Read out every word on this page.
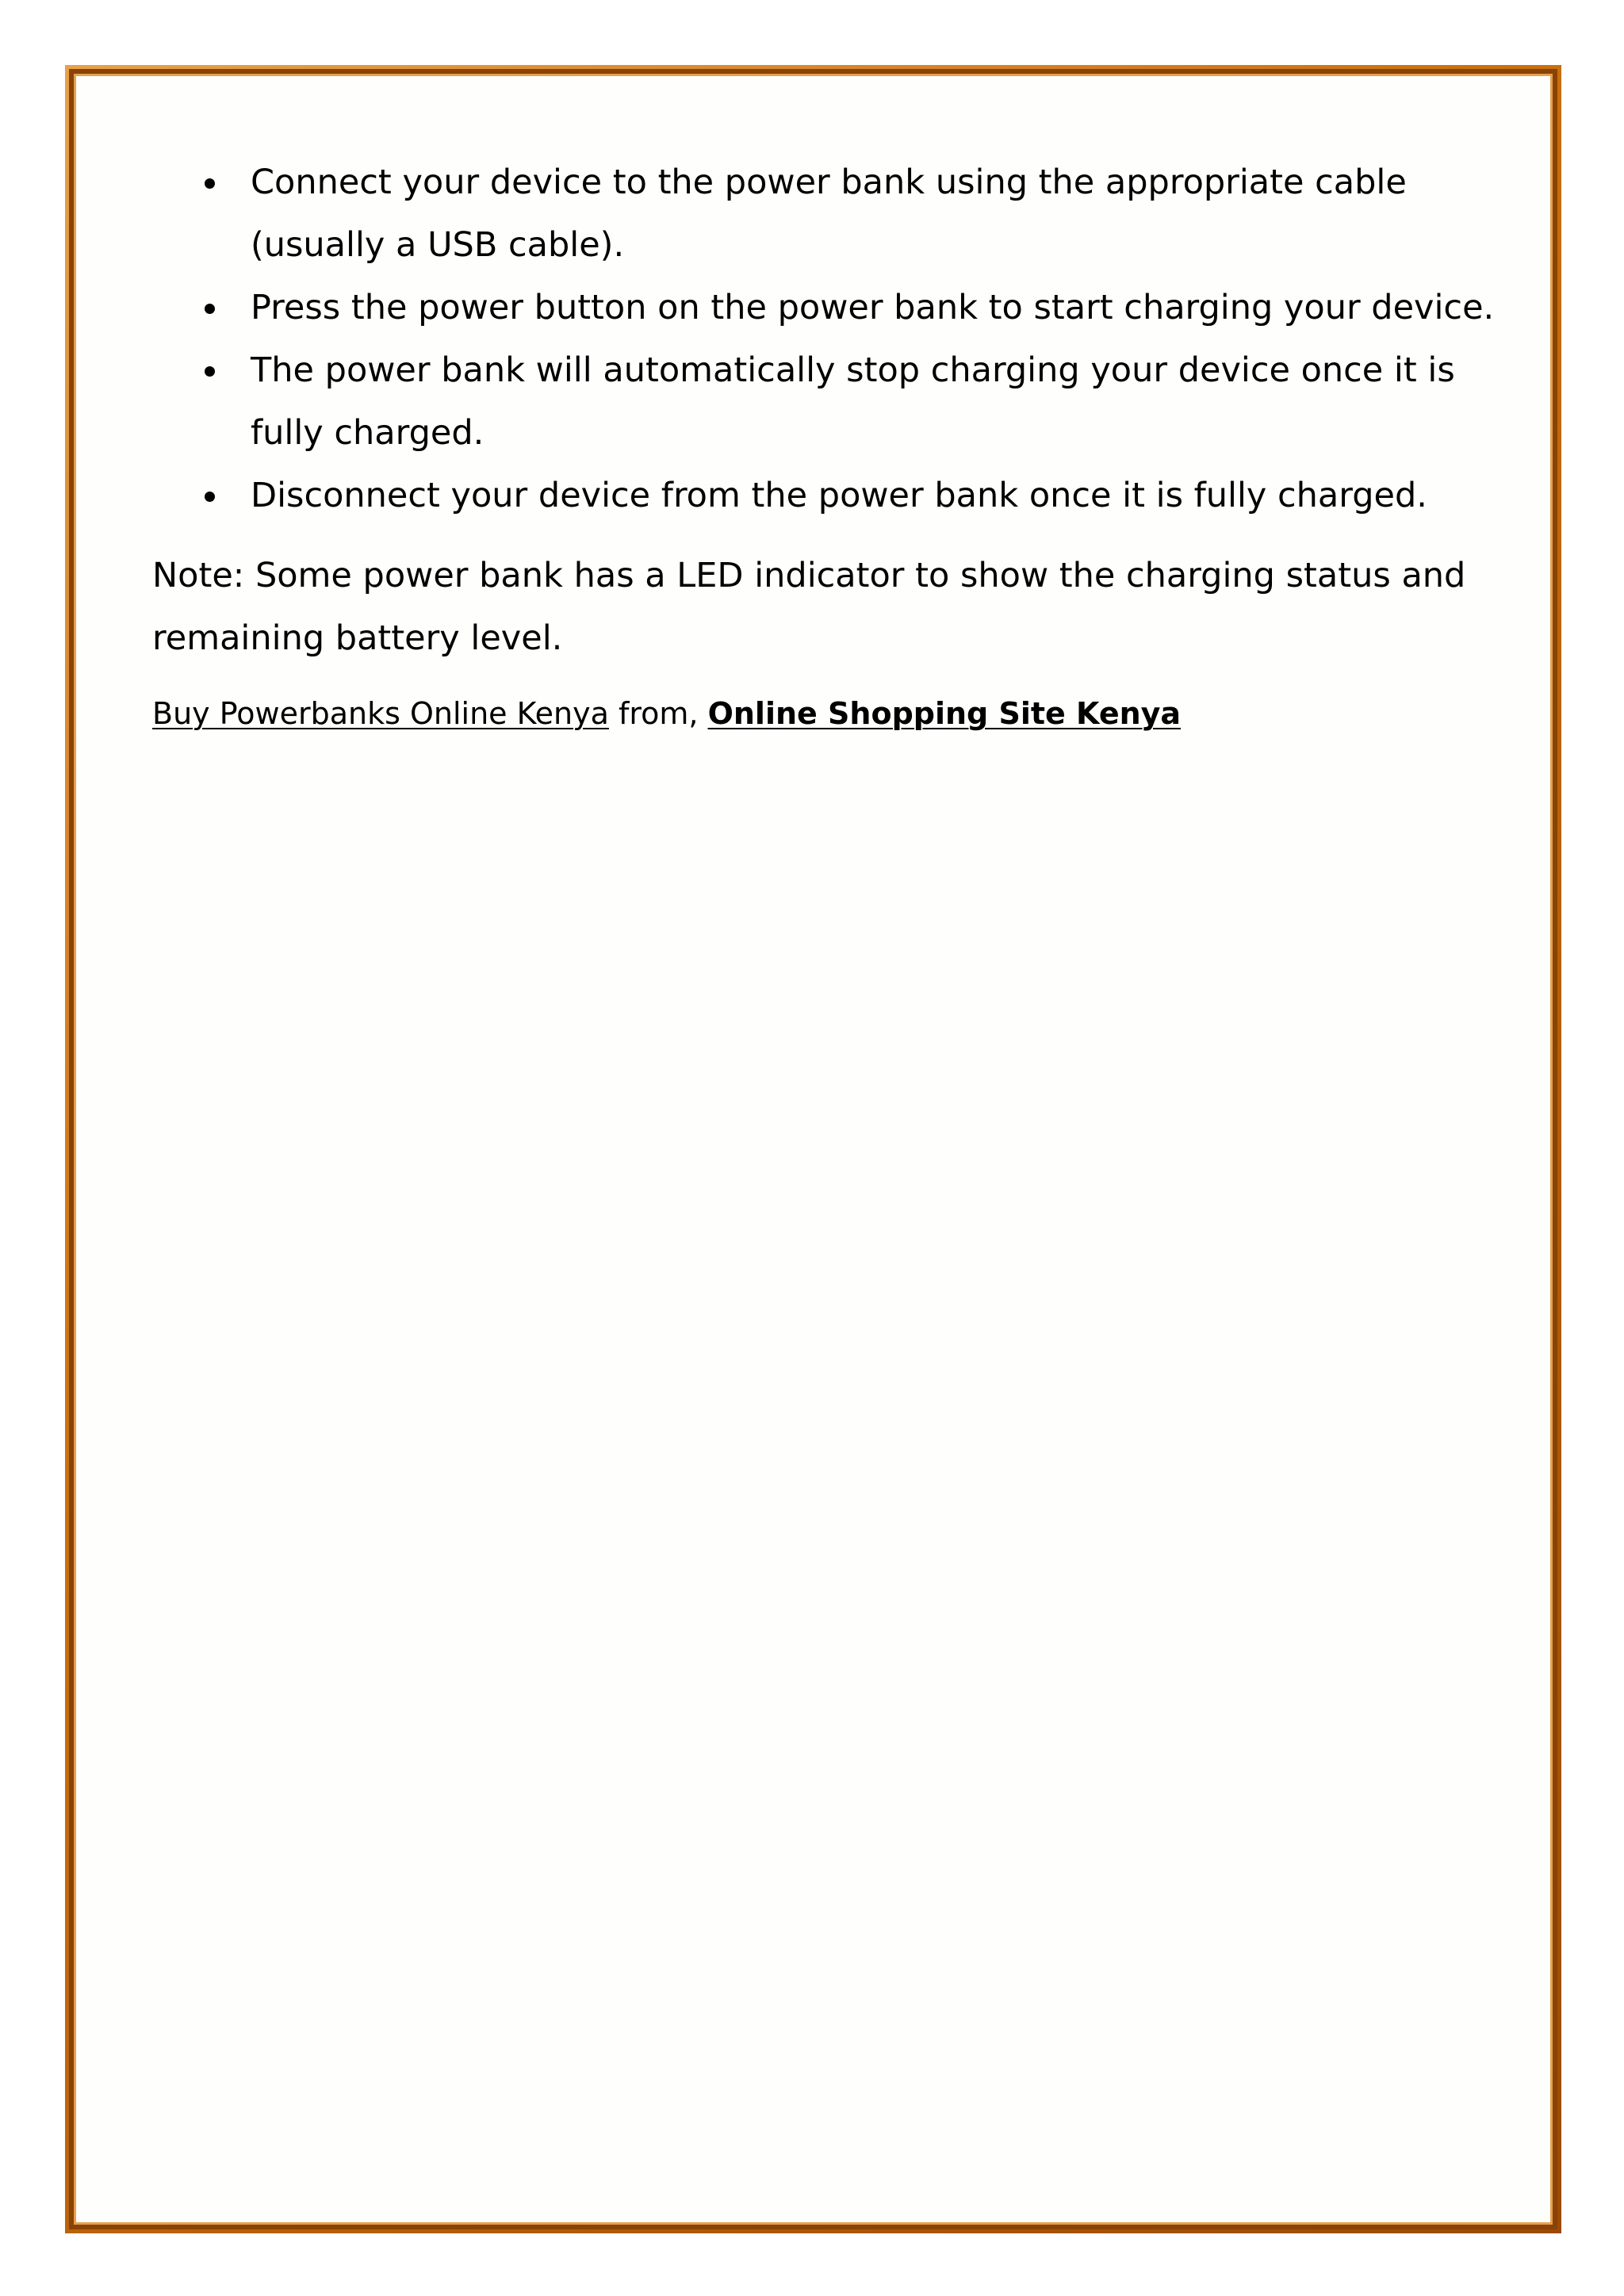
Connect your device to the power bank using the appropriate cable (usually a USB cable).
Press the power button on the power bank to start charging your device.
The power bank will automatically stop charging your device once it is fully charged.
Disconnect your device from the power bank once it is fully charged.

Note: Some power bank has a LED indicator to show the charging status and remaining battery level.

Buy Powerbanks Online Kenya from, Online Shopping Site Kenya
